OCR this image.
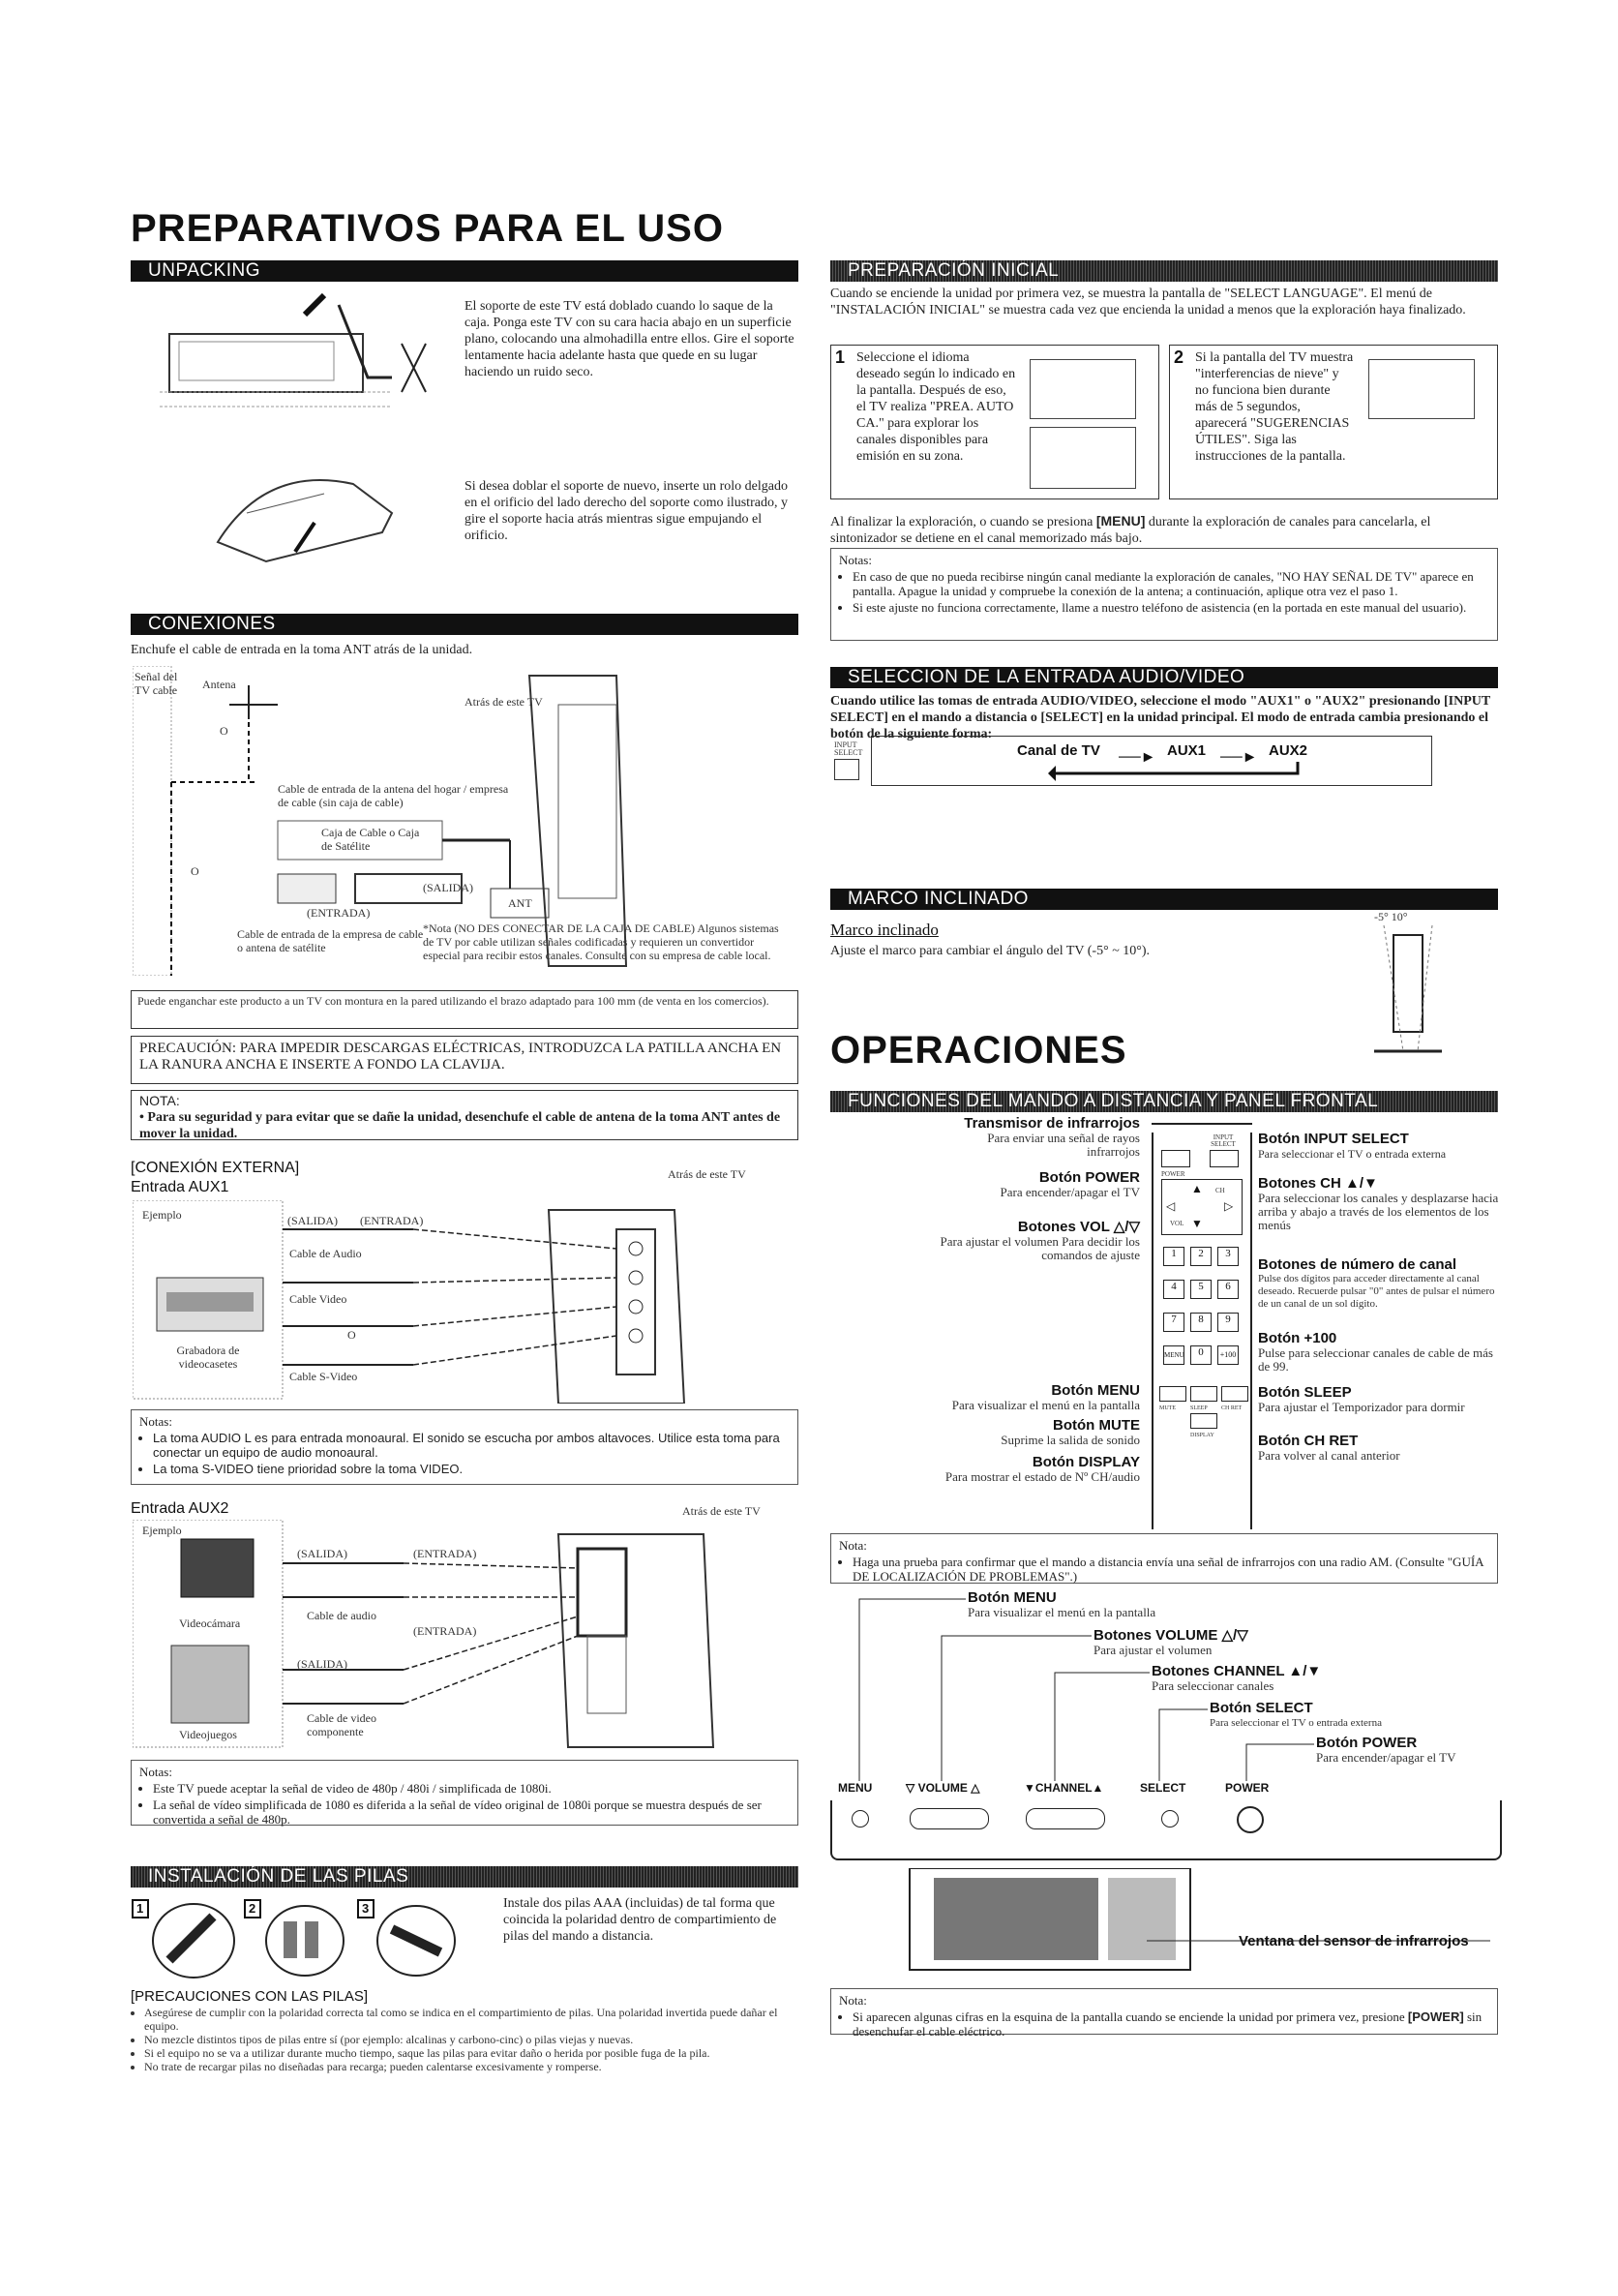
PREPARATIVOS PARA EL USO
OPERACIONES
UNPACKING
El soporte de este TV está doblado cuando lo saque de la caja. Ponga este TV con su cara hacia abajo en un superficie plano, colocando una almohadilla entre ellos. Gire el soporte lentamente hacia adelante hasta que quede en su lugar haciendo un ruido seco.
Si desea doblar el soporte de nuevo, inserte un rolo delgado en el orificio del lado derecho del soporte como ilustrado, y gire el soporte hacia atrás mientras sigue empujando el orificio.
CONEXIONES
Enchufe el cable de entrada en la toma ANT atrás de la unidad.
Señal del TV cable	Antena
Atrás de este TV
O
Cable de entrada de la antena del hogar / empresa de cable (sin caja de cable)
Caja de Cable o Caja de Satélite
O
(SALIDA)
(ENTRADA)
ANT
Cable de entrada de la empresa de cable o antena de satélite
*Nota (NO DES CONECTAR DE LA CAJA DE CABLE) Algunos sistemas de TV por cable utilizan señales codificadas y requieren un convertidor especial para recibir estos canales. Consulte con su empresa de cable local.
Puede enganchar este producto a un TV con montura en la pared utilizando el brazo adaptado para 100 mm (de venta en los comercios).
PRECAUCIÓN: PARA IMPEDIR DESCARGAS ELÉCTRICAS, INTRODUZCA LA PATILLA ANCHA EN LA RANURA ANCHA E INSERTE A FONDO LA CLAVIJA.
NOTA:
• Para su seguridad y para evitar que se dañe la unidad, desenchufe el cable de antena de la toma ANT antes de mover la unidad.
[CONEXIÓN EXTERNA]
Entrada AUX1
Atrás de este TV
Ejemplo	(SALIDA) (ENTRADA)
Cable de Audio
Cable Video
O
Cable S-Video
Grabadora de videocasetes
Notas:
• La toma AUDIO L es para entrada monoaural. El sonido se escucha por ambos altavoces. Utilice esta toma para conectar un equipo de audio monoaural.
• La toma S-VIDEO tiene prioridad sobre la toma VIDEO.
Entrada AUX2	Atrás de este TV
Ejemplo
(SALIDA)	(ENTRADA)
Cable de audio
(ENTRADA)
(SALIDA)
Videocámara
Videojuegos
Cable de video componente
Notas:
• Este TV puede aceptar la señal de video de 480p / 480i / simplificada de 1080i.
• La señal de vídeo simplificada de 1080 es diferida a la señal de vídeo original de 1080i porque se muestra después de ser convertida a señal de 480p.
INSTALACIÓN DE LAS PILAS
1	2	3	Instale dos pilas AAA (incluidas) de tal forma que coincida la polaridad dentro de compartimiento de pilas del mando a distancia.
[PRECAUCIONES CON LAS PILAS]
• Asegúrese de cumplir con la polaridad correcta tal como se indica en el compartimiento de pilas. Una polaridad invertida puede dañar el equipo.
• No mezcle distintos tipos de pilas entre sí (por ejemplo: alcalinas y carbono-cinc) o pilas viejas y nuevas.
• Si el equipo no se va a utilizar durante mucho tiempo, saque las pilas para evitar daño o herida por posible fuga de la pila.
• No trate de recargar pilas no diseñadas para recarga; pueden calentarse excesivamente y romperse.
PREPARACIÓN INICIAL
Cuando se enciende la unidad por primera vez, se muestra la pantalla de "SELECT LANGUAGE". El menú de "INSTALACIÓN INICIAL" se muestra cada vez que encienda la unidad a menos que la exploración haya finalizado.
1 Seleccione el idioma deseado según lo indicado en la pantalla. Después de eso, el TV realiza "PREA. AUTO CA." para explorar los canales disponibles para emisión en su zona.
2 Si la pantalla del TV muestra "interferencias de nieve" y no funciona bien durante más de 5 segundos, aparecerá "SUGERENCIAS ÚTILES". Siga las instrucciones de la pantalla.
Al finalizar la exploración, o cuando se presiona [MENU] durante la exploración de canales para cancelarla, el sintonizador se detiene en el canal memorizado más bajo.
Notas:
• En caso de que no pueda recibirse ningún canal mediante la exploración de canales, "NO HAY SEÑAL DE TV" aparece en pantalla. Apague la unidad y compruebe la conexión de la antena; a continuación, aplique otra vez el paso 1.
• Si este ajuste no funciona correctamente, llame a nuestro teléfono de asistencia (en la portada en este manual del usuario).
SELECCION DE LA ENTRADA AUDIO/VIDEO
Cuando utilice las tomas de entrada AUDIO/VIDEO, seleccione el modo "AUX1" o "AUX2" presionando [INPUT SELECT] en el mando a distancia o [SELECT] en la unidad principal. El modo de entrada cambia presionando el botón de la siguiente forma:
INPUT SELECT	Canal de TV ──► AUX1 ──► AUX2
MARCO INCLINADO
Marco inclinado
Ajuste el marco para cambiar el ángulo del TV (-5° ~ 10°).
-5° 10°
FUNCIONES DEL MANDO A DISTANCIA Y PANEL FRONTAL
Transmisor de infrarrojos
Para enviar una señal de rayos infrarrojos
Botón POWER
Para encender/apagar el TV
Botones VOL △/▽
Para ajustar el volumen Para decidir los comandos de ajuste
Botón MENU
Para visualizar el menú en la pantalla
Botón MUTE
Suprime la salida de sonido
Botón DISPLAY
Para mostrar el estado de Nº CH/audio
INPUT SELECT
POWER
▲ CH
◁	▷
VOL ▼
1	2	3
4	5	6
7	8	9
MENU	0	+100
MUTE	SLEEP CH RET
DISPLAY
Botón INPUT SELECT
Para seleccionar el TV o entrada externa
Botones CH ▲/▼
Para seleccionar los canales y desplazarse hacia arriba y abajo a través de los elementos de los menús
Botones de número de canal
Pulse dos dígitos para acceder directamente al canal deseado. Recuerde pulsar "0" antes de pulsar el número de un canal de un sol dígito.
Botón +100
Pulse para seleccionar canales de cable de más de 99.
Botón SLEEP
Para ajustar el Temporizador para dormir
Botón CH RET
Para volver al canal anterior
Nota:
• Haga una prueba para confirmar que el mando a distancia envía una señal de infrarrojos con una radio AM. (Consulte "GUÍA DE LOCALIZACIÓN DE PROBLEMAS".)
Botón MENU
Para visualizar el menú en la pantalla
Botones VOLUME △/▽
Para ajustar el volumen
Botones CHANNEL ▲/▼
Para seleccionar canales
Botón SELECT
Para seleccionar el TV o entrada externa
Botón POWER
Para encender/apagar el TV
MENU	▽ VOLUME △	▼CHANNEL▲	SELECT	POWER
Ventana del sensor de infrarrojos
Nota:
• Si aparecen algunas cifras en la esquina de la pantalla cuando se enciende la unidad por primera vez, presione [POWER] sin desenchufar el cable eléctrico.
